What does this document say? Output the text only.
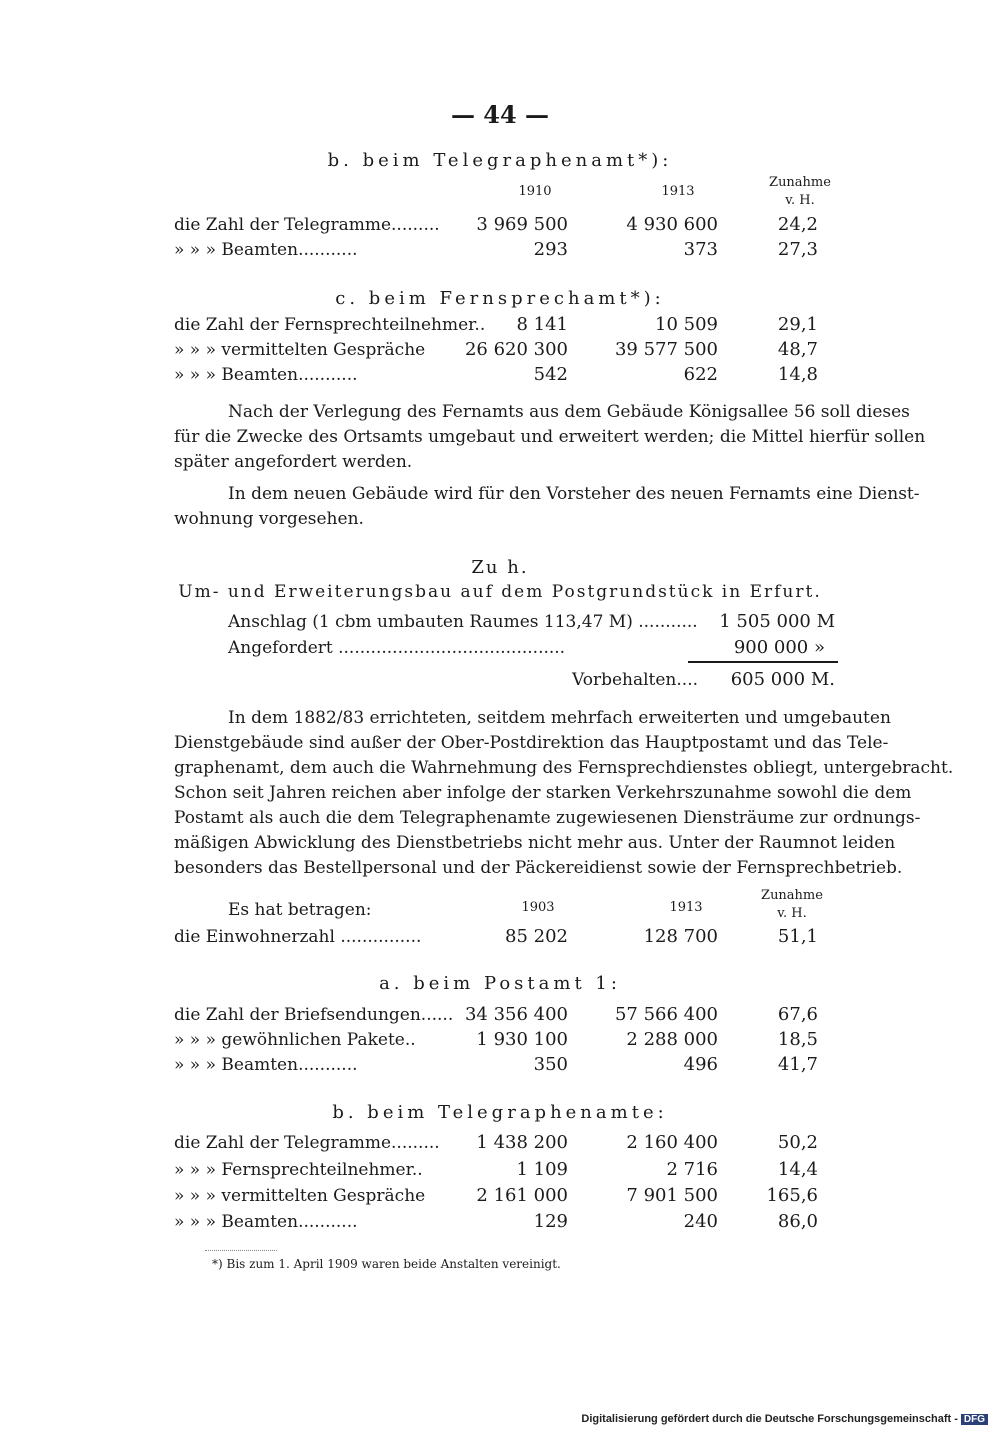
— 44 —
b. beim Telegraphenamt*):
1910	1913
Zunahme
v. H.
die Zahl der Telegramme.........	3 969 500	4 930 600	24,2
» » » Beamten...........	293	373	27,3
c. beim Fernsprechamt*):
die Zahl der Fernsprechteilnehmer..	8 141	10 509	29,1
» » » vermittelten Gespräche	26 620 300	39 577 500	48,7
» » » Beamten...........	542	622	14,8
Nach der Verlegung des Fernamts aus dem Gebäude Königsallee 56 soll dieses
für die Zwecke des Ortsamts umgebaut und erweitert werden; die Mittel hierfür sollen
später angefordert werden.
In dem neuen Gebäude wird für den Vorsteher des neuen Fernamts eine Dienst-
wohnung vorgesehen.
Zu h.
Um- und Erweiterungsbau auf dem Postgrundstück in Erfurt.
Anschlag (1 cbm umbauten Raumes 113,47 M) ...........	1 505 000 M
Angefordert ..........................................	900 000 »
Vorbehalten....	605 000 M.
In dem 1882/83 errichteten, seitdem mehrfach erweiterten und umgebauten
Dienstgebäude sind außer der Ober-Postdirektion das Hauptpostamt und das Tele-
graphenamt, dem auch die Wahrnehmung des Fernsprechdienstes obliegt, untergebracht.
Schon seit Jahren reichen aber infolge der starken Verkehrszunahme sowohl die dem
Postamt als auch die dem Telegraphenamte zugewiesenen Diensträume zur ordnungs-
mäßigen Abwicklung des Dienstbetriebs nicht mehr aus. Unter der Raumnot leiden
besonders das Bestellpersonal und der Päckereidienst sowie der Fernsprechbetrieb.
Es hat betragen:	1903	1913
Zunahme
v. H.
die Einwohnerzahl ...............	85 202	128 700	51,1
a. beim Postamt 1:
die Zahl der Briefsendungen...... 34 356 400	57 566 400	67,6
» » » gewöhnlichen Pakete..	1 930 100	2 288 000	18,5
» » » Beamten...........	350	496	41,7
b. beim Telegraphenamte:
die Zahl der Telegramme.........	1 438 200	2 160 400	50,2
» » » Fernsprechteilnehmer..	1 109	2 716	14,4
» » » vermittelten Gespräche	2 161 000	7 901 500	165,6
» » » Beamten...........	129	240	86,0
*) Bis zum 1. April 1909 waren beide Anstalten vereinigt.
Digitalisierung gefördert durch die Deutsche Forschungsgemeinschaft - DFG
